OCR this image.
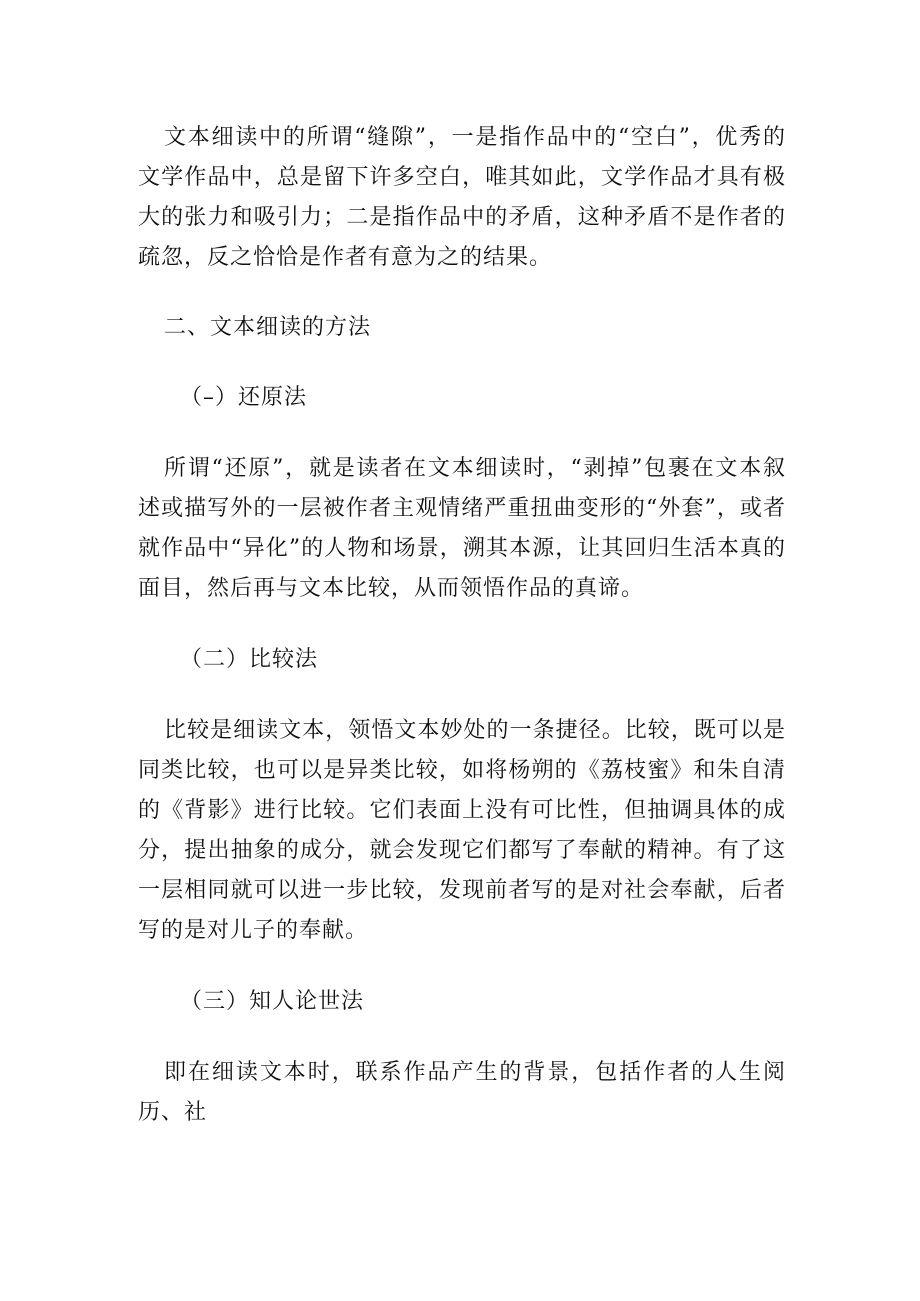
文本细读中的所谓“缝隙”，一是指作品中的“空白”，优秀的文学作品中，总是留下许多空白，唯其如此，文学作品才具有极大的张力和吸引力；二是指作品中的矛盾，这种矛盾不是作者的疏忽，反之恰恰是作者有意为之的结果。

二、文本细读的方法

（–）还原法

所谓“还原”，就是读者在文本细读时，“剥掉”包裹在文本叙述或描写外的一层被作者主观情绪严重扭曲变形的“外套”，或者就作品中“异化”的人物和场景，溯其本源，让其回归生活本真的面目，然后再与文本比较，从而领悟作品的真谛。

（二）比较法

比较是细读文本，领悟文本妙处的一条捷径。比较，既可以是同类比较，也可以是异类比较，如将杨朔的《荔枝蜜》和朱自清的《背影》进行比较。它们表面上没有可比性，但抽调具体的成分，提出抽象的成分，就会发现它们都写了奉献的精神。有了这一层相同就可以进一步比较，发现前者写的是对社会奉献，后者写的是对儿子的奉献。

（三）知人论世法

即在细读文本时，联系作品产生的背景，包括作者的人生阅历、社
